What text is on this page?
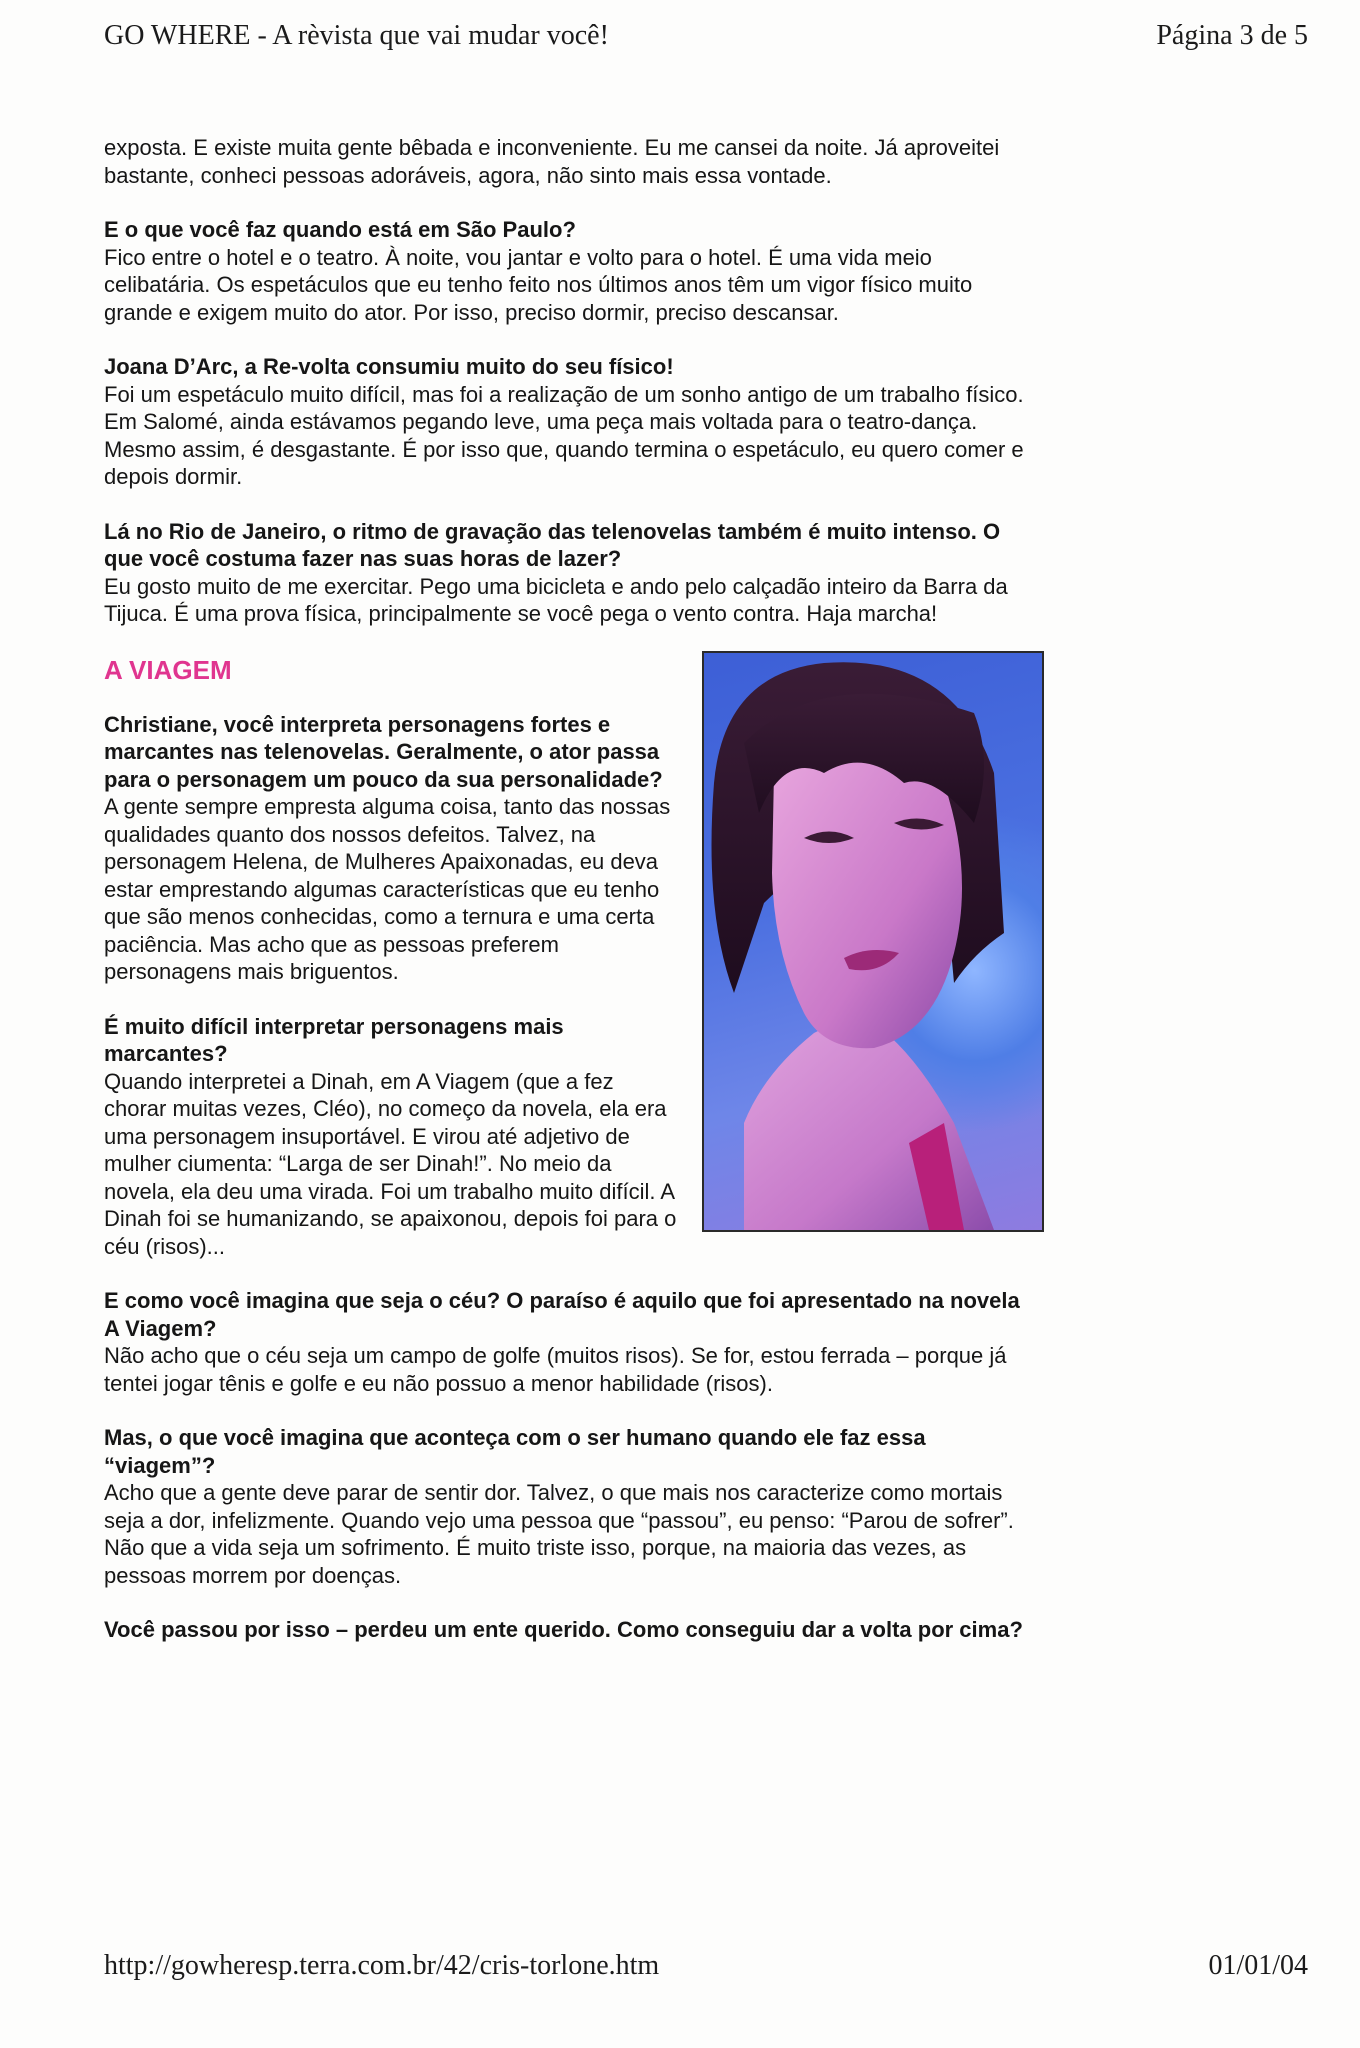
GO WHERE - A rèvista que vai mudar você!	Página 3 de 5

exposta. E existe muita gente bêbada e inconveniente. Eu me cansei da noite. Já aproveitei bastante, conheci pessoas adoráveis, agora, não sinto mais essa vontade.

E o que você faz quando está em São Paulo?

Fico entre o hotel e o teatro. À noite, vou jantar e volto para o hotel. É uma vida meio celibatária. Os espetáculos que eu tenho feito nos últimos anos têm um vigor físico muito grande e exigem muito do ator. Por isso, preciso dormir, preciso descansar.

Joana D’Arc, a Re-volta consumiu muito do seu físico!

Foi um espetáculo muito difícil, mas foi a realização de um sonho antigo de um trabalho físico. Em Salomé, ainda estávamos pegando leve, uma peça mais voltada para o teatro-dança. Mesmo assim, é desgastante. É por isso que, quando termina o espetáculo, eu quero comer e depois dormir.

Lá no Rio de Janeiro, o ritmo de gravação das telenovelas também é muito intenso. O que você costuma fazer nas suas horas de lazer?

Eu gosto muito de me exercitar. Pego uma bicicleta e ando pelo calçadão inteiro da Barra da Tijuca. É uma prova física, principalmente se você pega o vento contra. Haja marcha!

A VIAGEM

Christiane, você interpreta personagens fortes e marcantes nas telenovelas. Geralmente, o ator passa para o personagem um pouco da sua personalidade?

A gente sempre empresta alguma coisa, tanto das nossas qualidades quanto dos nossos defeitos. Talvez, na personagem Helena, de Mulheres Apaixonadas, eu deva estar emprestando algumas características que eu tenho que são menos conhecidas, como a ternura e uma certa paciência. Mas acho que as pessoas preferem personagens mais briguentos.

É muito difícil interpretar personagens mais marcantes?

Quando interpretei a Dinah, em A Viagem (que a fez chorar muitas vezes, Cléo), no começo da novela, ela era uma personagem insuportável. E virou até adjetivo de mulher ciumenta: “Larga de ser Dinah!”. No meio da novela, ela deu uma virada. Foi um trabalho muito difícil. A Dinah foi se humanizando, se apaixonou, depois foi para o céu (risos)...

E como você imagina que seja o céu? O paraíso é aquilo que foi apresentado na novela A Viagem?

Não acho que o céu seja um campo de golfe (muitos risos). Se for, estou ferrada – porque já tentei jogar tênis e golfe e eu não possuo a menor habilidade (risos).

Mas, o que você imagina que aconteça com o ser humano quando ele faz essa “viagem”?

Acho que a gente deve parar de sentir dor. Talvez, o que mais nos caracterize como mortais seja a dor, infelizmente. Quando vejo uma pessoa que “passou”, eu penso: “Parou de sofrer”. Não que a vida seja um sofrimento. É muito triste isso, porque, na maioria das vezes, as pessoas morrem por doenças.

Você passou por isso – perdeu um ente querido. Como conseguiu dar a volta por cima?

http://gowheresp.terra.com.br/42/cris-torlone.htm	01/01/04
